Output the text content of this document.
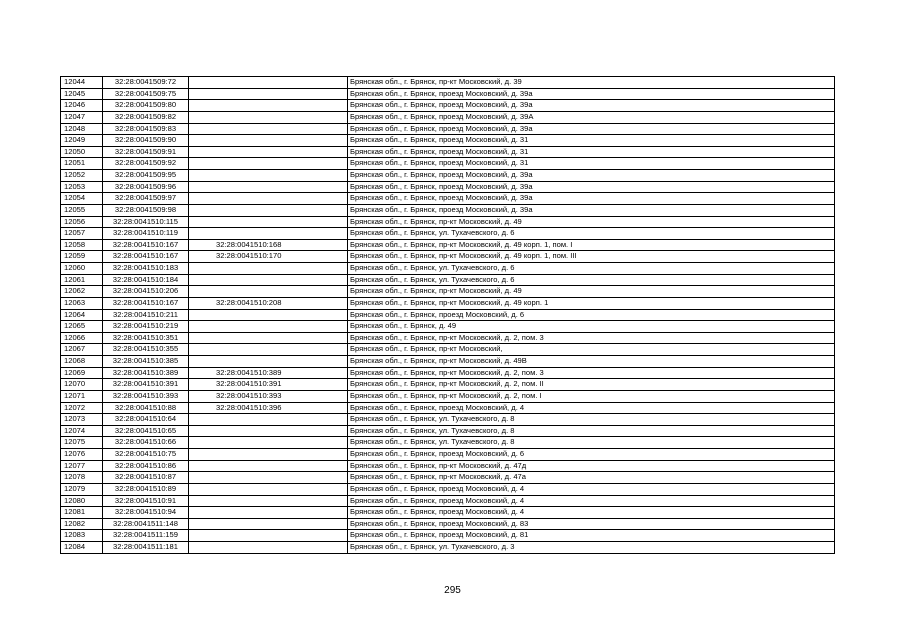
12044	32:28:0041509:72		Брянская обл., г. Брянск, пр-кт Московский, д. 39
12045	32:28:0041509:75		Брянская обл., г. Брянск, проезд Московский, д. 39а
12046	32:28:0041509:80		Брянская обл., г. Брянск, проезд Московский, д. 39а
12047	32:28:0041509:82		Брянская обл., г. Брянск, проезд Московский, д. 39А
12048	32:28:0041509:83		Брянская обл., г. Брянск, проезд Московский, д. 39а
12049	32:28:0041509:90		Брянская обл., г. Брянск, проезд Московский, д. 31
12050	32:28:0041509:91		Брянская обл., г. Брянск, проезд Московский, д. 31
12051	32:28:0041509:92		Брянская обл., г. Брянск, проезд Московский, д. 31
12052	32:28:0041509:95		Брянская обл., г. Брянск, проезд Московский, д. 39а
12053	32:28:0041509:96		Брянская обл., г. Брянск, проезд Московский, д. 39а
12054	32:28:0041509:97		Брянская обл., г. Брянск, проезд Московский, д. 39а
12055	32:28:0041509:98		Брянская обл., г. Брянск, проезд Московский, д. 39а
12056	32:28:0041510:115		Брянская обл., г. Брянск, пр-кт Московский, д. 49
12057	32:28:0041510:119		Брянская обл., г. Брянск, ул. Тухачевского, д. 6
12058	32:28:0041510:167	32:28:0041510:168	Брянская обл., г. Брянск, пр-кт Московский, д. 49 корп. 1, пом. I
12059	32:28:0041510:167	32:28:0041510:170	Брянская обл., г. Брянск, пр-кт Московский, д. 49 корп. 1, пом. III
12060	32:28:0041510:183		Брянская обл., г. Брянск, ул. Тухачевского, д. 6
12061	32:28:0041510:184		Брянская обл., г. Брянск, ул. Тухачевского, д. 6
12062	32:28:0041510:206		Брянская обл., г. Брянск, пр-кт Московский, д. 49
12063	32:28:0041510:167	32:28:0041510:208	Брянская обл., г. Брянск, пр-кт Московский, д. 49 корп. 1
12064	32:28:0041510:211		Брянская обл., г. Брянск, проезд Московский, д. 6
12065	32:28:0041510:219		Брянская обл., г. Брянск, д. 49
12066	32:28:0041510:351		Брянская обл., г. Брянск, пр-кт Московский, д. 2, пом. 3
12067	32:28:0041510:355		Брянская обл., г. Брянск, пр-кт Московский,
12068	32:28:0041510:385		Брянская обл., г. Брянск, пр-кт Московский, д. 49В
12069	32:28:0041510:389	32:28:0041510:389	Брянская обл., г. Брянск, пр-кт Московский, д. 2, пом. 3
12070	32:28:0041510:391	32:28:0041510:391	Брянская обл., г. Брянск, пр-кт Московский, д. 2, пом. II
12071	32:28:0041510:393	32:28:0041510:393	Брянская обл., г. Брянск, пр-кт Московский, д. 2, пом. I
12072	32:28:0041510:88	32:28:0041510:396	Брянская обл., г. Брянск, проезд Московский, д. 4
12073	32:28:0041510:64		Брянская обл., г. Брянск, ул. Тухачевского, д. 8
12074	32:28:0041510:65		Брянская обл., г. Брянск, ул. Тухачевского, д. 8
12075	32:28:0041510:66		Брянская обл., г. Брянск, ул. Тухачевского, д. 8
12076	32:28:0041510:75		Брянская обл., г. Брянск, проезд Московский, д. 6
12077	32:28:0041510:86		Брянская обл., г. Брянск, пр-кт Московский, д. 47д
12078	32:28:0041510:87		Брянская обл., г. Брянск, пр-кт Московский, д. 47а
12079	32:28:0041510:89		Брянская обл., г. Брянск, проезд Московский, д. 4
12080	32:28:0041510:91		Брянская обл., г. Брянск, проезд Московский, д. 4
12081	32:28:0041510:94		Брянская обл., г. Брянск, проезд Московский, д. 4
12082	32:28:0041511:148		Брянская обл., г. Брянск, проезд Московский, д. 83
12083	32:28:0041511:159		Брянская обл., г. Брянск, проезд Московский, д. 81
12084	32:28:0041511:181		Брянская обл., г. Брянск, ул. Тухачевского, д. 3
295
